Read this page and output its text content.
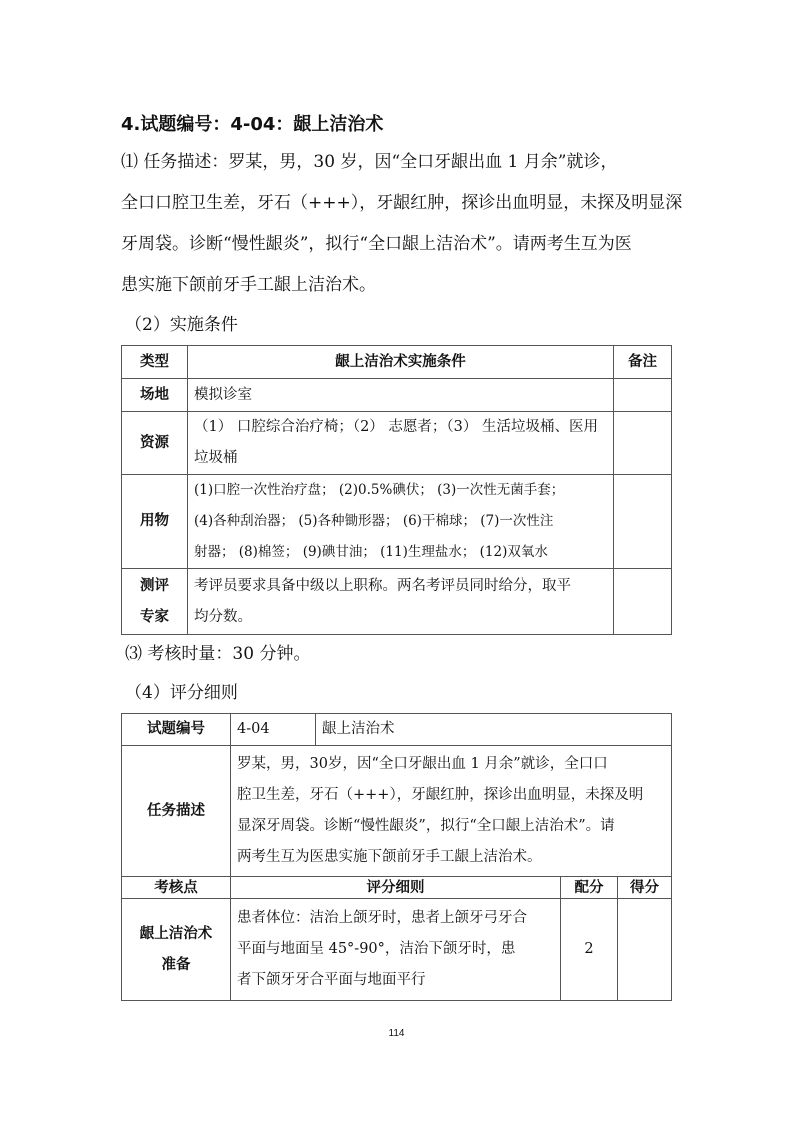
4.试题编号：4-04：龈上洁治术
⑴ 任务描述：罗某，男，30 岁，因“全口牙龈出血 1 月余”就诊，
全口口腔卫生差，牙石（+++），牙龈红肿，探诊出血明显，未探及明显深
牙周袋。诊断“慢性龈炎”，拟行“全口龈上洁治术”。请两考生互为医
患实施下颌前牙手工龈上洁治术。
（2）实施条件
类型	龈上洁治术实施条件	备注
场地	模拟诊室	
资源	（1） 口腔综合治疗椅；（2） 志愿者；（3） 生活垃圾桶、医用
垃圾桶	

用物	(1)口腔一次性治疗盘； (2)0.5%碘伏； (3)一次性无菌手套；
(4)各种刮治器； (5)各种锄形器； (6)干棉球； (7)一次性注
射器； (8)棉签； (9)碘甘油； (11)生理盐水； (12)双氧水	

测评
专家	考评员要求具备中级以上职称。两名考评员同时给分，取平
均分数。	

⑶ 考核时量：30 分钟。
（4）评分细则
试题编号	4-04	龈上洁治术		
任务描述	罗某，男，30岁，因“全口牙龈出血 1 月余”就诊，全口口
腔卫生差，牙石（+++），牙龈红肿，探诊出血明显，未探及明
显深牙周袋。诊断“慢性龈炎”，拟行“全口龈上洁治术”。请
两考生互为医患实施下颌前牙手工龈上洁治术。			

考核点	评分细则		配分	得分

龈上洁治术
准备	患者体位：洁治上颌牙时，患者上颌牙弓牙合
平面与地面呈 45°-90°，洁治下颌牙时，患
者下颌牙牙合平面与地面平行		2	
114
